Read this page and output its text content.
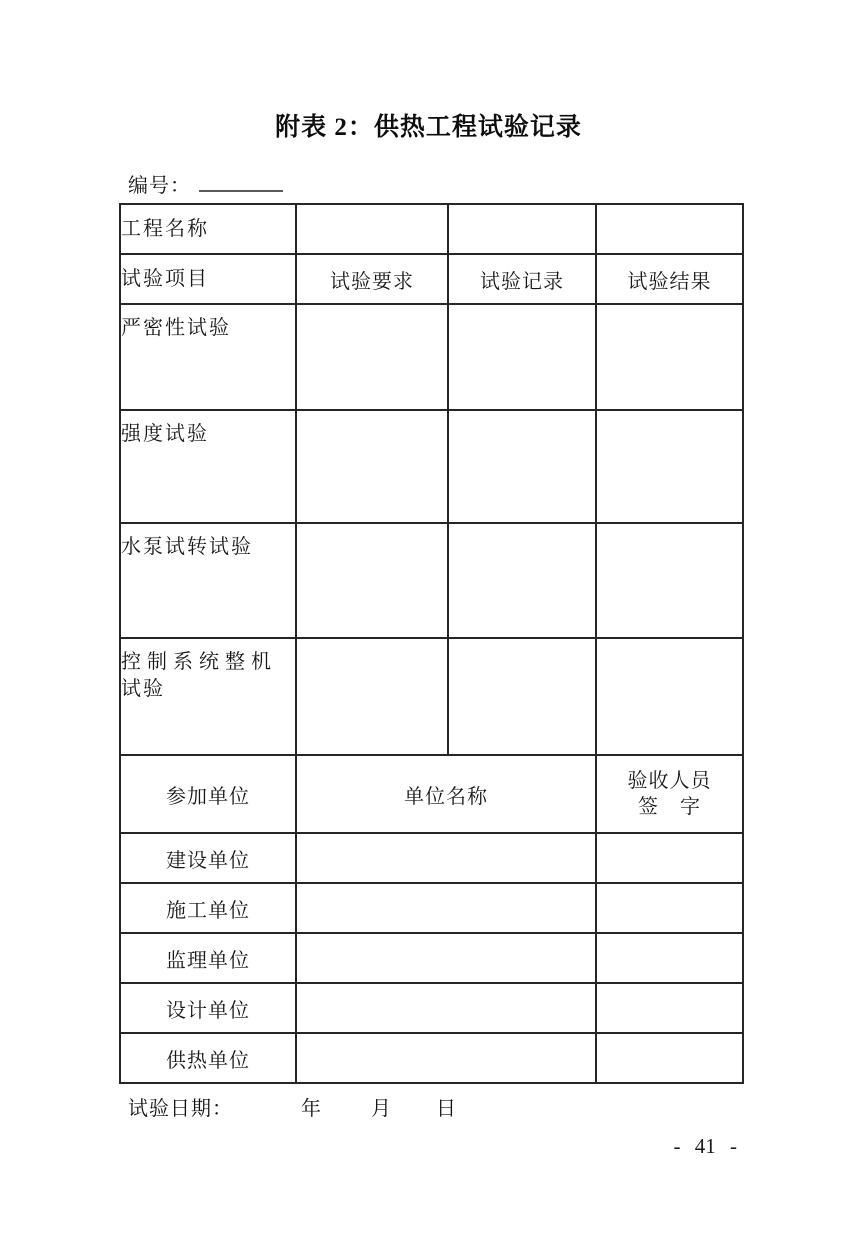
附表 2：供热工程试验记录
编号：
工程名称			
试验项目	试验要求	试验记录	试验结果
严密性试验			
强度试验			
水泵试转试验			
控制系统整机试验			
参加单位	单位名称		验收人员
签　字

建设单位			
施工单位			
监理单位			
设计单位			
供热单位			
试验日期：	年 月 日
- 41 -
